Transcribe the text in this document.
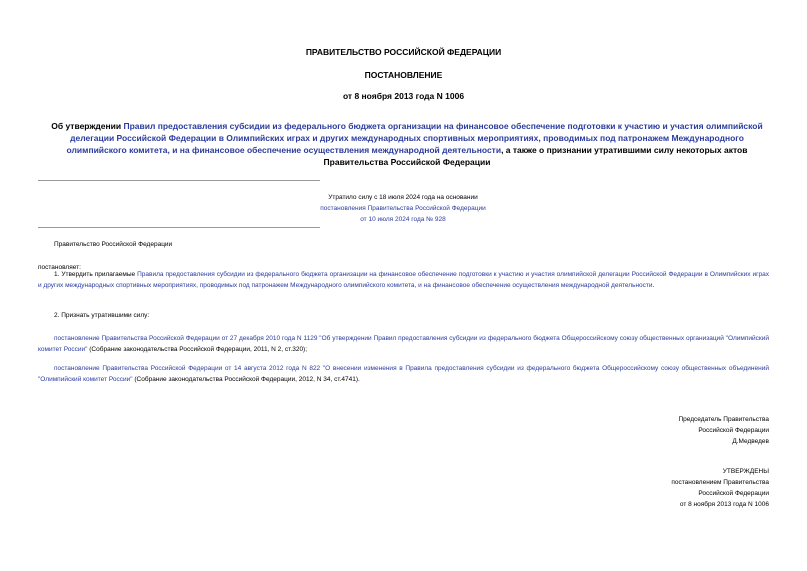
ПРАВИТЕЛЬСТВО РОССИЙСКОЙ ФЕДЕРАЦИИ
ПОСТАНОВЛЕНИЕ
от 8 ноября 2013 года N 1006
Об утверждении Правил предоставления субсидии из федерального бюджета организации на финансовое обеспечение подготовки к участию и участия олимпийской делегации Российской Федерации в Олимпийских играх и других международных спортивных мероприятиях, проводимых под патронажем Международного олимпийского комитета, и на финансовое обеспечение осуществления международной деятельности, а также о признании утратившими силу некоторых актов Правительства Российской Федерации
Утратило силу с 18 июля 2024 года на основании
постановления Правительства Российской Федерации
от 10 июля 2024 года № 928
Правительство Российской Федерации
постановляет:
1. Утвердить прилагаемые Правила предоставления субсидии из федерального бюджета организации на финансовое обеспечение подготовки к участию и участия олимпийской делегации Российской Федерации в Олимпийских играх и других международных спортивных мероприятиях, проводимых под патронажем Международного олимпийского комитета, и на финансовое обеспечение осуществления международной деятельности.
2. Признать утратившими силу:
постановление Правительства Российской Федерации от 27 декабря 2010 года N 1129 "Об утверждении Правил предоставления субсидии из федерального бюджета Общероссийскому союзу общественных организаций "Олимпийский комитет России" (Собрание законодательства Российской Федерации, 2011, N 2, ст.320);
постановление Правительства Российской Федерации от 14 августа 2012 года N 822 "О внесении изменения в Правила предоставления субсидии из федерального бюджета Общероссийскому союзу общественных объединений "Олимпийский комитет России" (Собрание законодательства Российской Федерации, 2012, N 34, ст.4741).
Председатель Правительства
Российской Федерации
Д.Медведев
УТВЕРЖДЕНЫ
постановлением Правительства
Российской Федерации
от 8 ноября 2013 года N 1006
